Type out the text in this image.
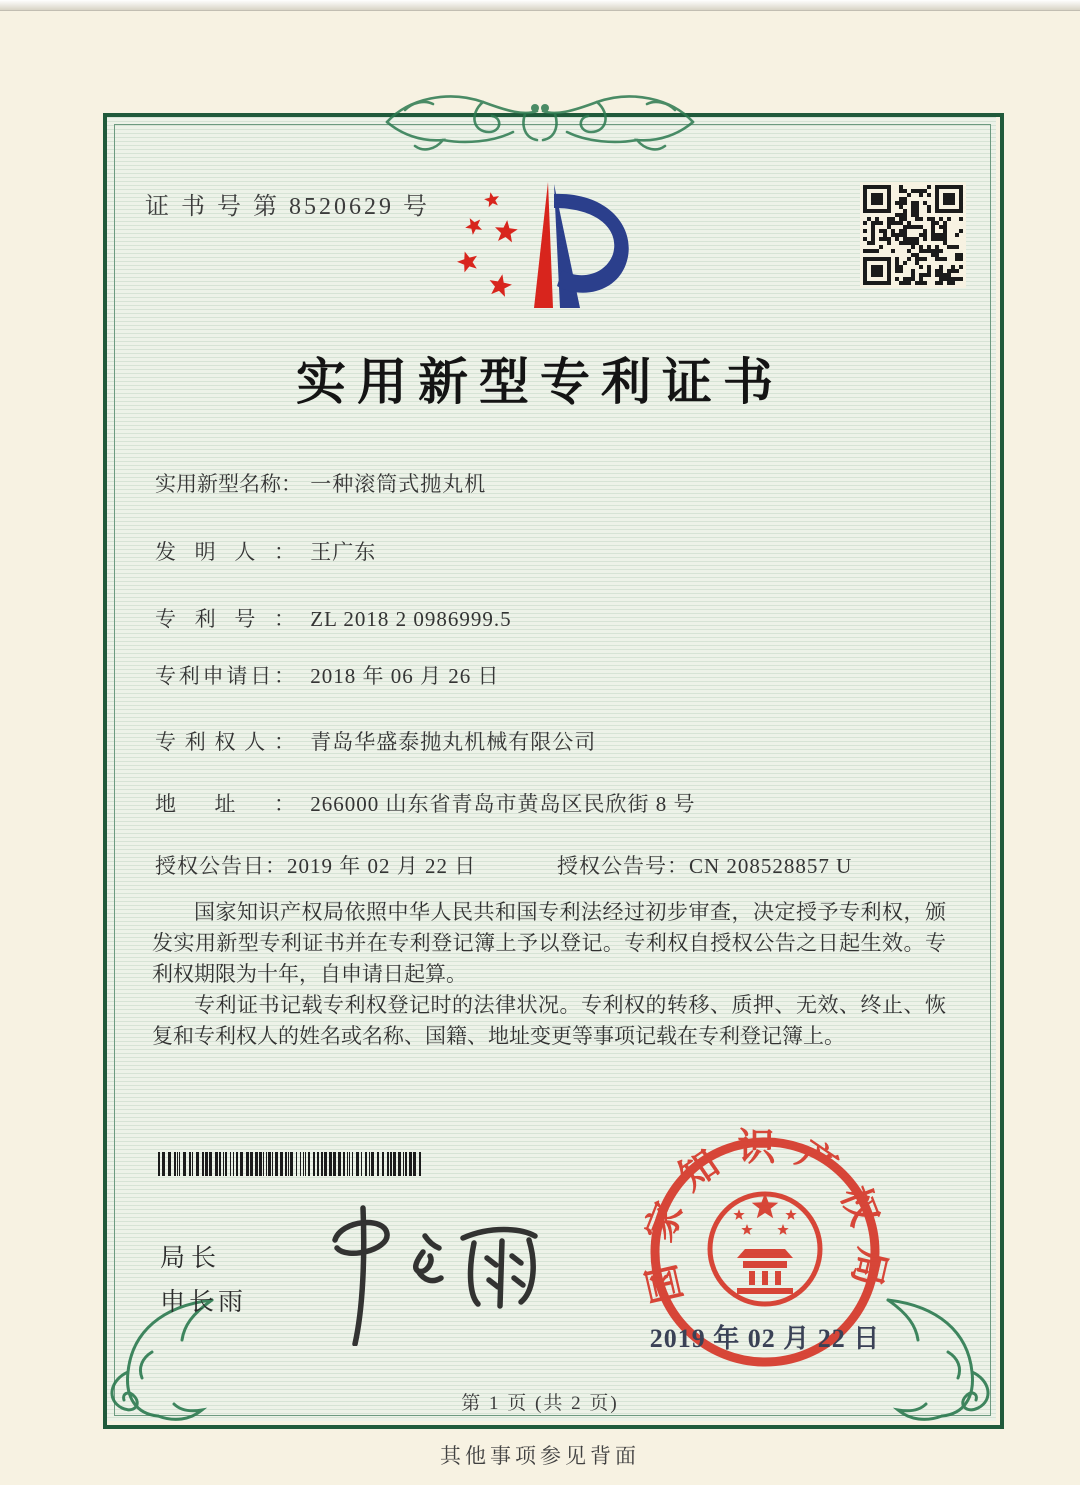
证 书 号 第 8520629 号
实用新型专利证书
实用新型名称： 一种滚筒式抛丸机
发明人： 王广东
专利号： ZL 2018 2 0986999.5
专利申请日： 2018 年 06 月 26 日
专利权人： 青岛华盛泰抛丸机械有限公司
地址： 266000 山东省青岛市黄岛区民欣街 8 号
授权公告日：2019 年 02 月 22 日	授权公告号：CN 208528857 U

国家知识产权局依照中华人民共和国专利法经过初步审查，决定授予专利权，颁发实用新型专利证书并在专利登记簿上予以登记。专利权自授权公告之日起生效。专利权期限为十年，自申请日起算。

专利证书记载专利权登记时的法律状况。专利权的转移、质押、无效、终止、恢复和专利权人的姓名或名称、国籍、地址变更等事项记载在专利登记簿上。

局长
申长雨	国家知识产权局
2019 年 02 月 22 日
第 1 页 (共 2 页)
其他事项参见背面
